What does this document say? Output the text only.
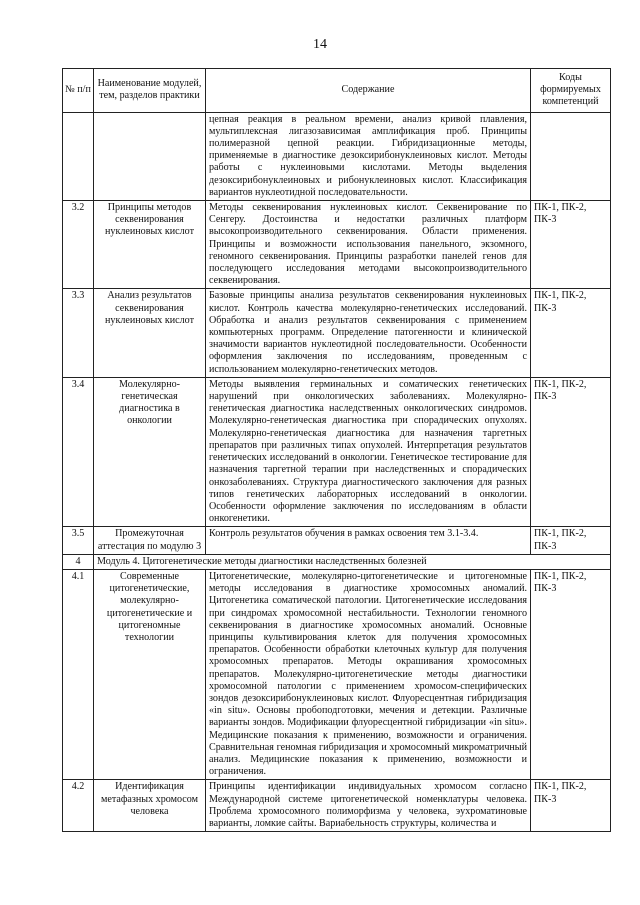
14
№ п/п	Наименование модулей, тем, разделов практики	Содержание	Коды формируемых компетенций
		цепная реакция в реальном времени, анализ кривой плавления, мультиплексная лигазозависимая амплификация проб. Принципы полимеразной цепной реакции. Гибридизационные методы, применяемые в диагностике дезоксирибонуклеиновых кислот. Методы работы с нуклеиновыми кислотами. Методы выделения дезоксирибонуклеиновых и рибонуклеиновых кислот. Классификация вариантов нуклеотидной последовательности.	
3.2	Принципы методов секвенирования нуклеиновых кислот	Методы секвенирования нуклеиновых кислот. Секвенирование по Сенгеру. Достоинства и недостатки различных платформ высокопроизводительного секвенирования. Области применения. Принципы и возможности использования панельного, экзомного, геномного секвенирования. Принципы разработки панелей генов для последующего исследования методами высокопроизводительного секвенирования.	ПК-1, ПК-2, ПК-3
3.3	Анализ результатов секвенирования нуклеиновых кислот	Базовые принципы анализа результатов секвенирования нуклеиновых кислот. Контроль качества молекулярно-генетических исследований. Обработка и анализ результатов секвенирования с применением компьютерных программ. Определение патогенности и клинической значимости вариантов нуклеотидной последовательности. Особенности оформления заключения по исследованиям, проведенным с использованием молекулярно-генетических методов.	ПК-1, ПК-2, ПК-3
3.4	Молекулярно-генетическая диагностика в онкологии	Методы выявления герминальных и соматических генетических нарушений при онкологических заболеваниях. Молекулярно-генетическая диагностика наследственных онкологических синдромов. Молекулярно-генетическая диагностика при спорадических опухолях. Молекулярно-генетическая диагностика для назначения таргетных препаратов при различных типах опухолей. Интерпретация результатов генетических исследований в онкологии. Генетическое тестирование для назначения таргетной терапии при наследственных и спорадических онкозаболеваниях. Структура диагностического заключения для разных типов генетических лабораторных исследований в онкологии. Особенности оформление заключения по исследованиям в области онкогенетики.	ПК-1, ПК-2, ПК-3
3.5	Промежуточная аттестация по модулю 3	Контроль результатов обучения в рамках освоения тем 3.1-3.4.	ПК-1, ПК-2, ПК-3
4	Модуль 4. Цитогенетические методы диагностики наследственных болезней		
4.1	Современные цитогенетические, молекулярно-цитогенетические и цитогеномные технологии	Цитогенетические, молекулярно-цитогенетические и цитогеномные методы исследования в диагностике хромосомных аномалий. Цитогенетика соматической патологии. Цитогенетические исследования при синдромах хромосомной нестабильности. Технологии геномного секвенирования в диагностике хромосомных аномалий. Основные принципы культивирования клеток для получения хромосомных препаратов. Особенности обработки клеточных культур для получения хромосомных препаратов. Методы окрашивания хромосомных препаратов. Молекулярно-цитогенетические методы диагностики хромосомной патологии с применением хромосом-специфических зондов дезоксирибонуклеиновых кислот. Флуоресцентная гибридизация «in situ». Основы пробоподготовки, мечения и детекции. Различные варианты зондов. Модификации флуоресцентной гибридизации «in situ». Медицинские показания к применению, возможности и ограничения. Сравнительная геномная гибридизация и хромосомный микроматричный анализ. Медицинские показания к применению, возможности и ограничения.	ПК-1, ПК-2, ПК-3
4.2	Идентификация метафазных хромосом человека	Принципы идентификации индивидуальных хромосом согласно Международной системе цитогенетической номенклатуры человека. Проблема хромосомного полиморфизма у человека, эухроматиновые варианты, ломкие сайты. Вариабельность структуры, количества и	ПК-1, ПК-2, ПК-3
